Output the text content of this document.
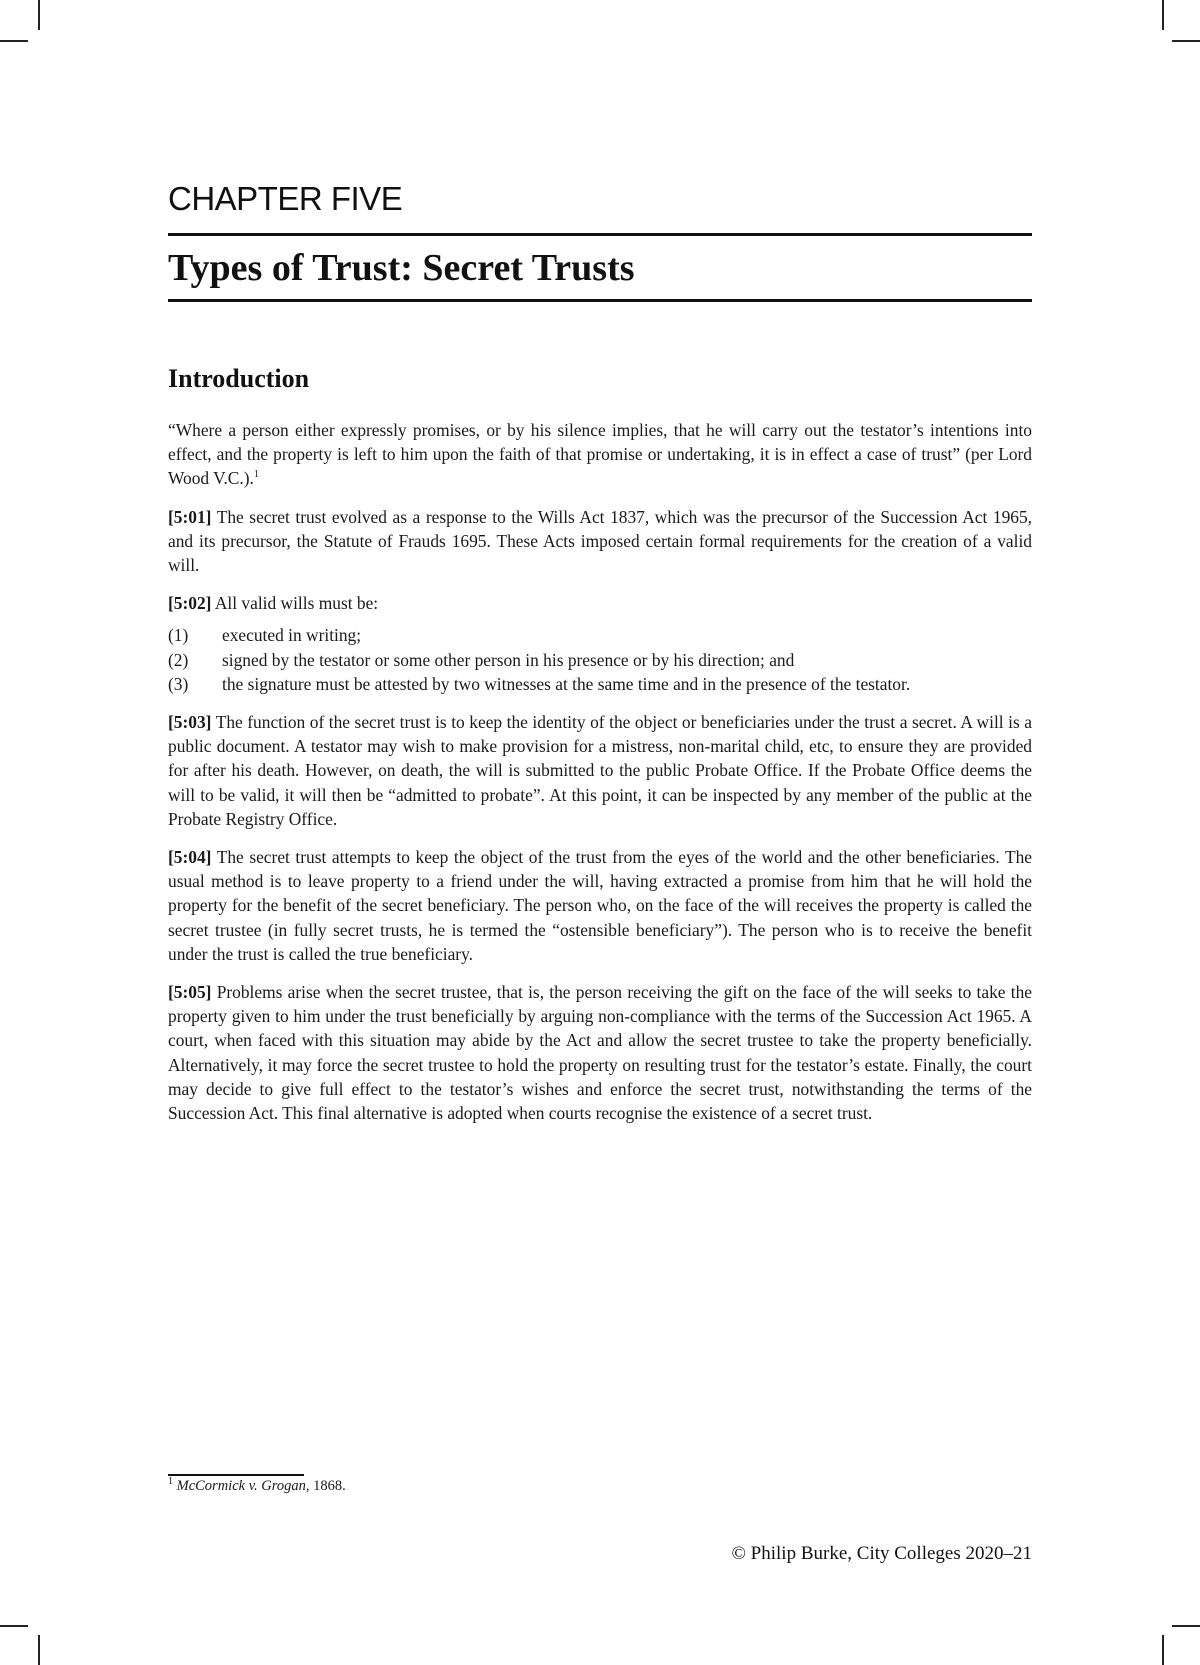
CHAPTER FIVE
Types of Trust: Secret Trusts
Introduction

“Where a person either expressly promises, or by his silence implies, that he will carry out the testator’s intentions into effect, and the property is left to him upon the faith of that promise or undertaking, it is in effect a case of trust” (per Lord Wood V.C.).$^1$

[5:01] The secret trust evolved as a response to the Wills Act 1837, which was the precursor of the Succession Act 1965, and its precursor, the Statute of Frauds 1695. These Acts imposed certain formal requirements for the creation of a valid will.

[5:02] All valid wills must be:

(1) executed in writing;
(2) signed by the testator or some other person in his presence or by his direction; and
(3) the signature must be attested by two witnesses at the same time and in the presence of the testator.

[5:03] The function of the secret trust is to keep the identity of the object or beneficiaries under the trust a secret. A will is a public document. A testator may wish to make provision for a mistress, non-marital child, etc, to ensure they are provided for after his death. However, on death, the will is submitted to the public Probate Office. If the Probate Office deems the will to be valid, it will then be “admitted to probate”. At this point, it can be inspected by any member of the public at the Probate Registry Office.

[5:04] The secret trust attempts to keep the object of the trust from the eyes of the world and the other beneficiaries. The usual method is to leave property to a friend under the will, having extracted a promise from him that he will hold the property for the benefit of the secret beneficiary. The person who, on the face of the will receives the property is called the secret trustee (in fully secret trusts, he is termed the “ostensible beneficiary”). The person who is to receive the benefit under the trust is called the true beneficiary.

[5:05] Problems arise when the secret trustee, that is, the person receiving the gift on the face of the will seeks to take the property given to him under the trust beneficially by arguing non-compliance with the terms of the Succession Act 1965. A court, when faced with this situation may abide by the Act and allow the secret trustee to take the property beneficially. Alternatively, it may force the secret trustee to hold the property on resulting trust for the testator’s estate. Finally, the court may decide to give full effect to the testator’s wishes and enforce the secret trust, notwithstanding the terms of the Succession Act. This final alternative is adopted when courts recognise the existence of a secret trust.

$^1$ McCormick v. Grogan, 1868.
© Philip Burke, City Colleges 2020–21
